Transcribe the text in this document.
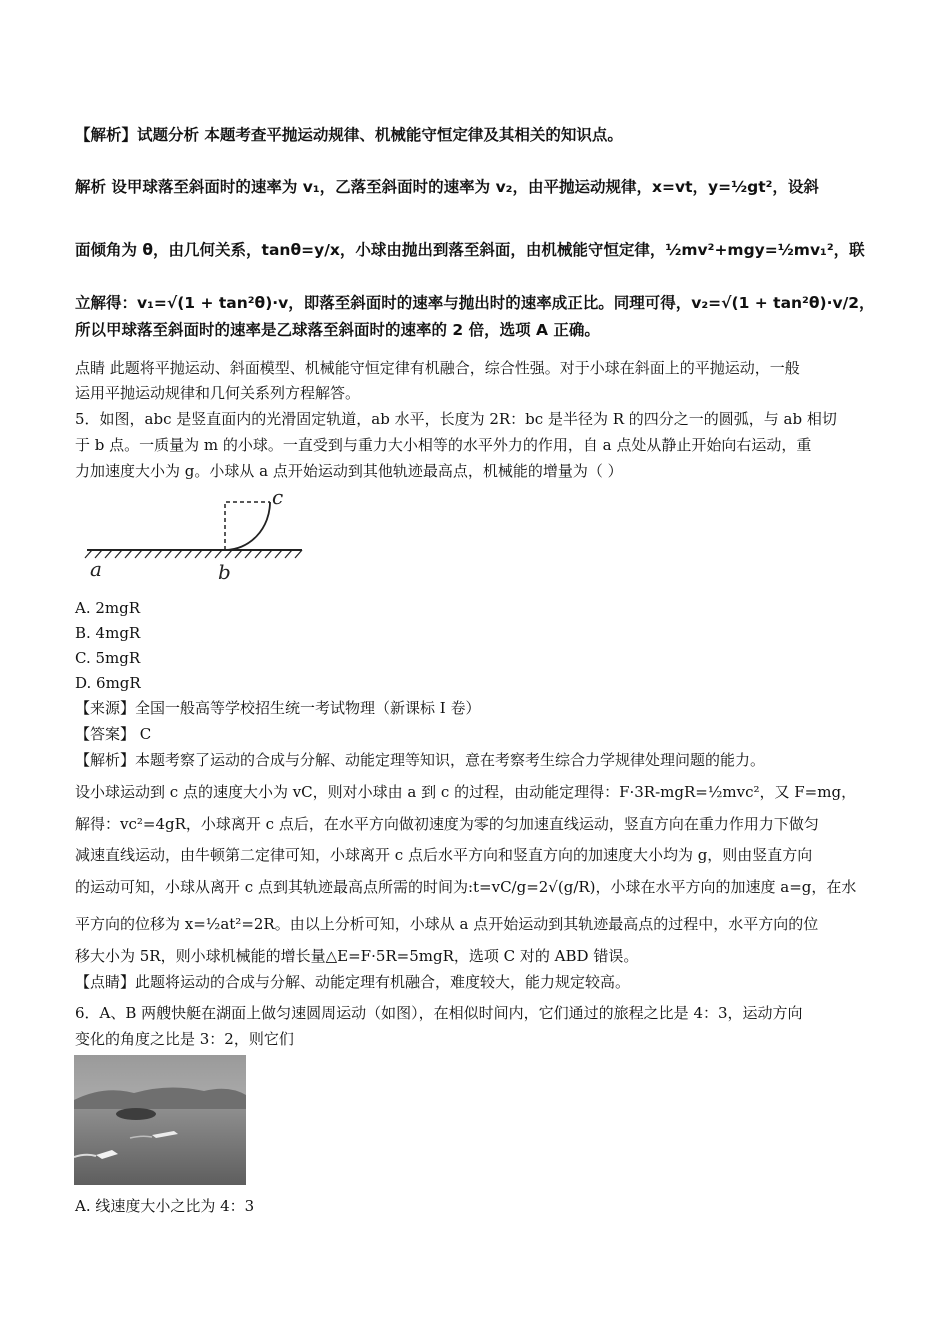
【解析】试题分析 本题考查平抛运动规律、机械能守恒定律及其相关的知识点。
解析 设甲球落至斜面时的速率为 v₁，乙落至斜面时的速率为 v₂，由平抛运动规律，x=vt，y=½gt²，设斜
面倾角为 θ，由几何关系，tanθ=y/x，小球由抛出到落至斜面，由机械能守恒定律，½mv²+mgy=½mv₁²，联
立解得：v₁=√(1 + tan²θ)·v，即落至斜面时的速率与抛出时的速率成正比。同理可得，v₂=√(1 + tan²θ)·v/2，
所以甲球落至斜面时的速率是乙球落至斜面时的速率的 2 倍，选项 A 正确。
点睛 此题将平抛运动、斜面模型、机械能守恒定律有机融合，综合性强。对于小球在斜面上的平抛运动，一般
运用平抛运动规律和几何关系列方程解答。
5．如图，abc 是竖直面内的光滑固定轨道，ab 水平，长度为 2R：bc 是半径为 R 的四分之一的圆弧，与 ab 相切
于 b 点。一质量为 m 的小球。一直受到与重力大小相等的水平外力的作用，自 a 点处从静止开始向右运动，重
力加速度大小为 g。小球从 a 点开始运动到其他轨迹最高点，机械能的增量为（ ）
a	b
c
A. 2mgR
B. 4mgR
C. 5mgR
D. 6mgR
【来源】全国一般高等学校招生统一考试物理（新课标 I 卷）
【答案】 C
【解析】本题考察了运动的合成与分解、动能定理等知识，意在考察考生综合力学规律处理问题的能力。
设小球运动到 c 点的速度大小为 vC，则对小球由 a 到 c 的过程，由动能定理得：F·3R-mgR=½mvc²，又 F=mg，
解得：vc²=4gR，小球离开 c 点后，在水平方向做初速度为零的匀加速直线运动，竖直方向在重力作用力下做匀
减速直线运动，由牛顿第二定律可知，小球离开 c 点后水平方向和竖直方向的加速度大小均为 g，则由竖直方向
的运动可知，小球从离开 c 点到其轨迹最高点所需的时间为:t=vC/g=2√(g/R)，小球在水平方向的加速度 a=g，在水
平方向的位移为 x=½at²=2R。由以上分析可知，小球从 a 点开始运动到其轨迹最高点的过程中，水平方向的位
移大小为 5R，则小球机械能的增长量△E=F·5R=5mgR，选项 C 对的 ABD 错误。
【点睛】此题将运动的合成与分解、动能定理有机融合，难度较大，能力规定较高。
6．A、B 两艘快艇在湖面上做匀速圆周运动（如图），在相似时间内，它们通过的旅程之比是 4：3，运动方向
变化的角度之比是 3：2，则它们
A. 线速度大小之比为 4：3
